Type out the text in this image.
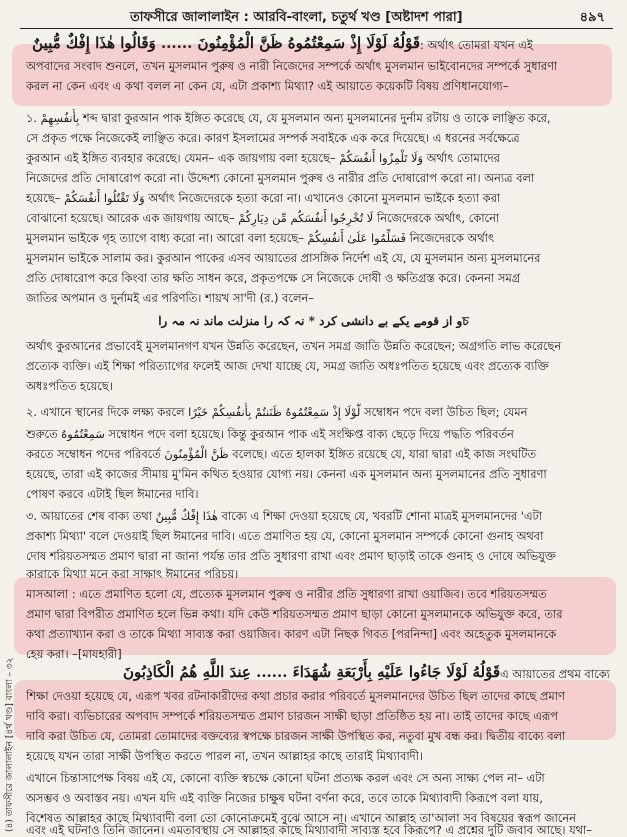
তাফসীরে জালালাইন : আরবি-বাংলা, চতুর্থ খণ্ড [অষ্টাদশ পারা]	৪৯৭
قَوْلُهُ لَوْلَا إِذْ سَمِعْتُمُوهُ ظَنَّ الْمُؤْمِنُونَ ...... وَقَالُوا هٰذَا إِفْكٌ مُّبِينٌ : অর্থাৎ তোমরা যখন এই
অপবাদের সংবাদ শুনলে, তখন মুসলমান পুরুষ ও নারী নিজেদের সম্পর্কে অর্থাৎ মুসলমান ভাইবোনদের সম্পর্কে সুধারণা
করল না কেন এবং এ কথা বলল না কেন যে, এটা প্রকাশ্য মিথ্যা? এই আয়াতে কয়েকটি বিষয় প্রণিধানযোগ্য–
১. بِأَنفُسِهِمْ শব্দ দ্বারা কুরআন পাক ইঙ্গিত করেছে যে, যে মুসলমান অন্য মুসলমানের দুর্নাম রটায় ও তাকে লাঞ্ছিত করে,
সে প্রকৃত পক্ষে নিজেকেই লাঞ্ছিত করে। কারণ ইসলামের সম্পর্ক সবাইকে এক করে দিয়েছে। এ ধরনের সর্বক্ষেত্রে
কুরআন এই ইঙ্গিত ব্যবহার করেছে। যেমন– এক জায়গায় বলা হয়েছে– وَلَا تَلْمِزُوا أَنفُسَكُمْ অর্থাৎ তোমাদের
নিজেদের প্রতি দোষারোপ করো না। উদ্দেশ্য কোনো মুসলমান পুরুষ ও নারীর প্রতি দোষারোপ করো না। অন্যত্র বলা
হয়েছে– وَلَا تَقْتُلُوا أَنفُسَكُمْ অর্থাৎ নিজেদেরকে হত্যা করো না। এখানেও কোনো মুসলমান ভাইকে হত্যা করা
বোঝানো হয়েছে। আরেক এক জায়গায় আছে– لَا تُخْرِجُوا أَنفُسَكُم مِّن دِيَارِكُمْ নিজেদেরকে অর্থাৎ, কোনো
মুসলমান ভাইকে গৃহ ত্যাগে বাধ্য করো না। আরো বলা হয়েছে– فَسَلِّمُوا عَلَىٰ أَنفُسِكُمْ নিজেদেরকে অর্থাৎ
মুসলমান ভাইকে সালাম কর। কুরআন পাকের এসব আয়াতের প্রাসঙ্গিক নির্দেশ এই যে, যে মুসলমান অন্য মুসলমানের
প্রতি দোষারোপ করে কিংবা তার ক্ষতি সাধন করে, প্রকৃতপক্ষে সে নিজেকে দোষী ও ক্ষতিগ্রস্ত করে। কেননা সমগ্র
জাতির অপমান ও দুর্নামই এর পরিণতি। শায়খ সা'দী (র.) বলেন–
চو از قومے یکے بے دانشی کرد * نہ کہ را منزلت ماند نہ مہ را
অর্থাৎ কুরআনের প্রভাবেই মুসলমানগণ যখন উন্নতি করেছেন, তখন সমগ্র জাতি উন্নতি করেছেন; অগ্রগতি লাভ করেছেন
প্রত্যেক ব্যক্তি। এই শিক্ষা পরিত্যাগের ফলেই আজ দেখা যাচ্ছে যে, সমগ্র জাতি অধঃপতিত হয়েছে এবং প্রত্যেক ব্যক্তি
অধঃপতিত হয়েছে।
২. এখানে স্থানের দিকে লক্ষ্য করলে لَّوْلَا إِذْ سَمِعْتُمُوهُ ظَنَنتُمْ بِأَنفُسِكُمْ خَيْرًا সম্বোধন পদে বলা উচিত ছিল; যেমন
শুরুতে سَمِعْتُمُوهُ সম্বোধন পদে বলা হয়েছে। কিন্তু কুরআন পাক এই সংক্ষিপ্ত বাক্য ছেড়ে দিয়ে পদ্ধতি পরিবর্তন
করতে সম্বোধন পদের পরিবর্তে ظَنَّ الْمُؤْمِنُونَ বলেছে। এতে হালকা ইঙ্গিত রয়েছে যে, যারা দ্বারা এই কাজ সংঘটিত
হয়েছে, তারা এই কাজের সীমায় মু'মিন কথিত হওয়ার যোগ্য নয়। কেননা এক মুসলমান অন্য মুসলমানের প্রতি সুধারণা
পোষণ করবে এটাই ছিল ঈমানের দাবি।
৩. আয়াতের শেষ বাক্য তথা هٰذَا إِفْكٌ مُّبِينٌ বাক্যে এ শিক্ষা দেওয়া হয়েছে যে, খবরটি শোনা মাত্রই মুসলমানদের 'এটা
প্রকাশ্য মিথ্যা' বলে দেওয়াই ছিল ঈমানের দাবি। এতে প্রমাণিত হয় যে, কোনো মুসলমান সম্পর্কে কোনো গুনাহ অথবা
দোষ শরিয়তসম্মত প্রমাণ দ্বারা না জানা পর্যন্ত তার প্রতি সুধারণা রাখা এবং প্রমাণ ছাড়াই তাকে গুনাহ ও দোষে অভিযুক্ত
কারাকে মিথ্যা মনে করা সাক্ষাৎ ঈমানের পরিচয়।
মাসআলা : এতে প্রমাণিত হলো যে, প্রত্যেক মুসলমান পুরুষ ও নারীর প্রতি সুধারণা রাখা ওয়াজিব। তবে শরিয়তসম্মত
প্রমাণ দ্বারা বিপরীত প্রমাণিত হলে ভিন্ন কথা। যদি কেউ শরিয়তসম্মত প্রমাণ ছাড়া কোনো মুসলমানকে অভিযুক্ত করে, তার
কথা প্রত্যাখ্যান করা ও তাকে মিথ্যা সাব্যস্ত করা ওয়াজিব। কারণ এটা নিছক গিবত [পরনিন্দা] এবং অহেতুক মুসলমানকে
হেয় করা। –[মাযহারী]
قَوْلُهُ لَوْلَا جَاءُوا عَلَيْهِ بِأَرْبَعَةِ شُهَدَاءَ ...... عِندَ اللَّهِ هُمُ الْكَاذِبُونَ এ আয়াতের প্রথম বাক্যে
শিক্ষা দেওয়া হয়েছে যে, এরূপ খবর রটনাকারীদের কথা প্রচার করার পরিবর্তে মুসলমানদের উচিত ছিল তাদের কাছে প্রমাণ
দাবি করা। ব্যভিচারের অপবাদ সম্পর্কে শরিয়তসম্মত প্রমাণ চারজন সাক্ষী ছাড়া প্রতিষ্ঠিত হয় না। তাই তাদের কাছে এরূপ
দাবি করা উচিত যে, তোমরা তোমাদের বক্তব্যের স্বপক্ষে চারজন সাক্ষী উপস্থিত কর, নতুবা মুখ বন্ধ কর। দ্বিতীয় বাক্যে বলা
হয়েছে যখন তারা সাক্ষী উপস্থিত করতে পারল না, তখন আল্লাহর কাছে তারাই মিথ্যাবাদী।
এখানে চিন্তাসাপেক্ষ বিষয় এই যে, কোনো ব্যক্তি স্বচক্ষে কোনো ঘটনা প্রত্যক্ষ করল এবং সে অন্য সাক্ষ্য পেল না– এটা
অসম্ভব ও অবাস্তব নয়। এখন যদি এই ব্যক্তি নিজের চাক্ষুষ ঘটনা বর্ণনা করে, তবে তাকে মিথ্যাবাদী কিরূপে বলা যায়,
বিশেষত আল্লাহর কাছে মিথ্যাবাদী বলা তো কোনোক্রমেই বুঝে আসে না। এখানে আল্লাহ তা'আলা সব বিষয়ের স্বরূপ জানেন
এবং এই ঘটনাও তিনি জানেন। এমতাবস্থায় সে আল্লাহর কাছে মিথ্যাবাদী সাব্যস্ত হবে কিরূপে? এ প্রশ্নের দুটি জবাব আছে। যথা–
(৪) তাফসীরে জালালাইন [৪র্থ খণ্ড] বাংলা – ৩২
